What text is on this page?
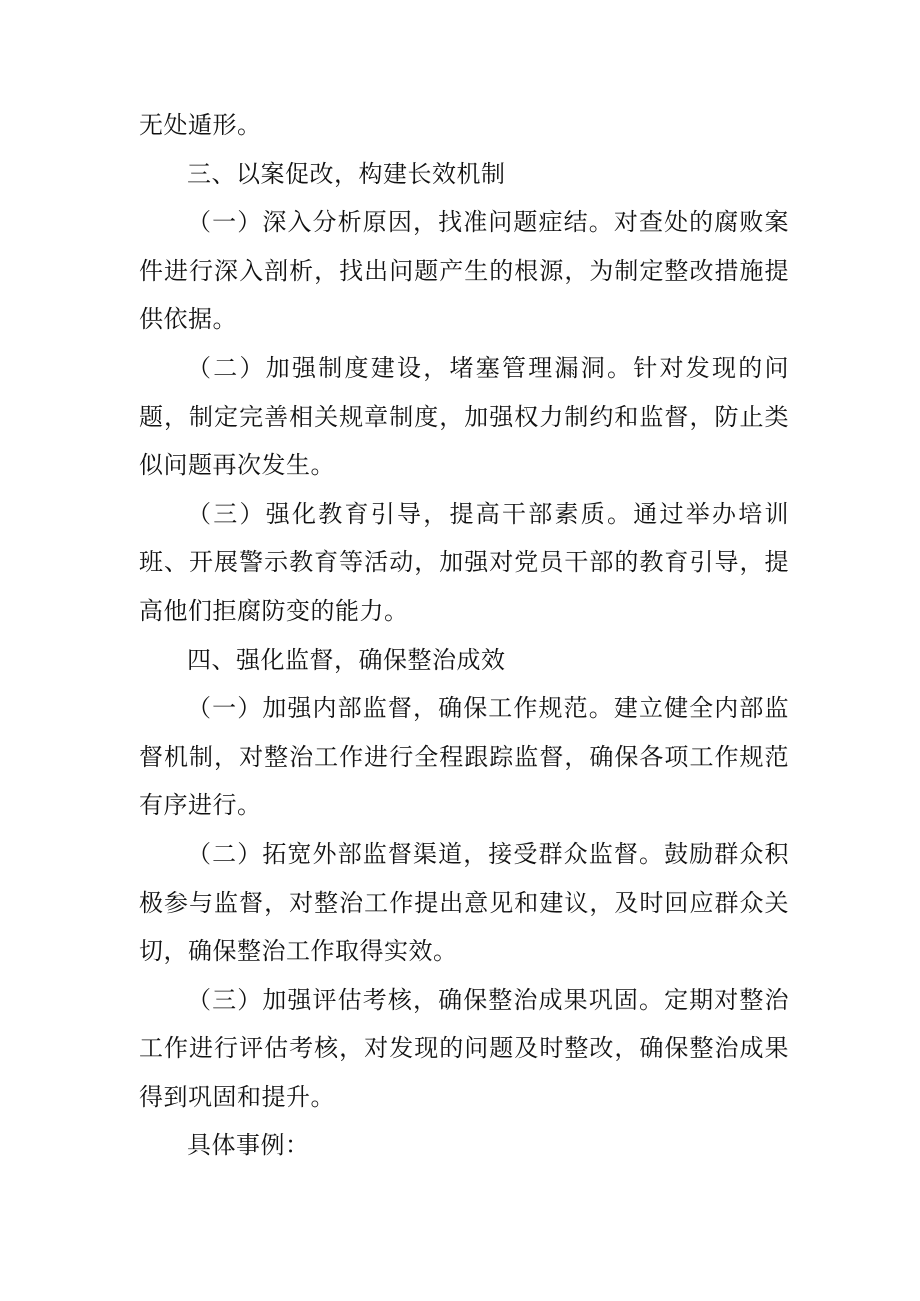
无处遁形。

三、以案促改，构建长效机制

（一）深入分析原因，找准问题症结。对查处的腐败案件进行深入剖析，找出问题产生的根源，为制定整改措施提供依据。

（二）加强制度建设，堵塞管理漏洞。针对发现的问题，制定完善相关规章制度，加强权力制约和监督，防止类似问题再次发生。

（三）强化教育引导，提高干部素质。通过举办培训班、开展警示教育等活动，加强对党员干部的教育引导，提高他们拒腐防变的能力。

四、强化监督，确保整治成效

（一）加强内部监督，确保工作规范。建立健全内部监督机制，对整治工作进行全程跟踪监督，确保各项工作规范有序进行。

（二）拓宽外部监督渠道，接受群众监督。鼓励群众积极参与监督，对整治工作提出意见和建议，及时回应群众关切，确保整治工作取得实效。

（三）加强评估考核，确保整治成果巩固。定期对整治工作进行评估考核，对发现的问题及时整改，确保整治成果得到巩固和提升。

具体事例：
